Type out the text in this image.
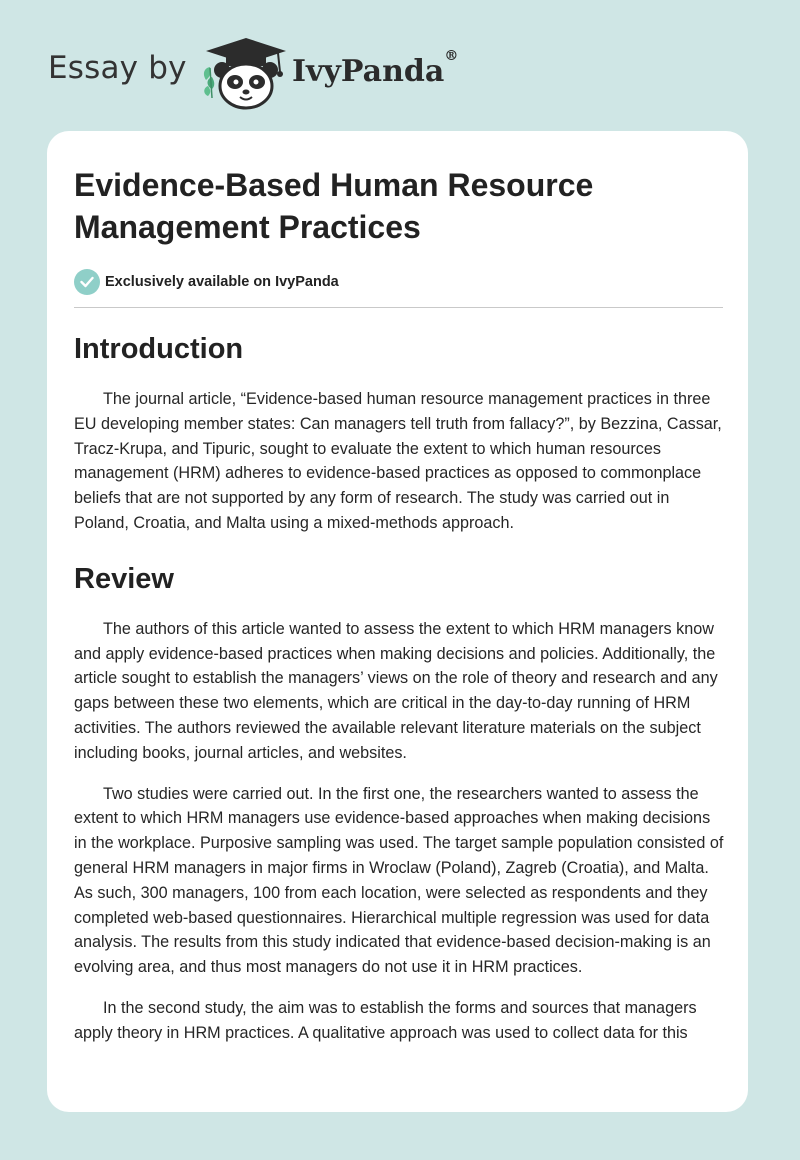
Essay by	IvyPanda®
Evidence-Based Human Resource Management Practices
Exclusively available on IvyPanda
Introduction

The journal article, “Evidence-based human resource management practices in three EU developing member states: Can managers tell truth from fallacy?”, by Bezzina, Cassar, Tracz-Krupa, and Tipuric, sought to evaluate the extent to which human resources management (HRM) adheres to evidence-based practices as opposed to commonplace beliefs that are not supported by any form of research. The study was carried out in Poland, Croatia, and Malta using a mixed-methods approach.

Review

The authors of this article wanted to assess the extent to which HRM managers know and apply evidence-based practices when making decisions and policies. Additionally, the article sought to establish the managers’ views on the role of theory and research and any gaps between these two elements, which are critical in the day-to-day running of HRM activities. The authors reviewed the available relevant literature materials on the subject including books, journal articles, and websites.

Two studies were carried out. In the first one, the researchers wanted to assess the extent to which HRM managers use evidence-based approaches when making decisions in the workplace. Purposive sampling was used. The target sample population consisted of general HRM managers in major firms in Wroclaw (Poland), Zagreb (Croatia), and Malta. As such, 300 managers, 100 from each location, were selected as respondents and they completed web-based questionnaires. Hierarchical multiple regression was used for data analysis. The results from this study indicated that evidence-based decision-making is an evolving area, and thus most managers do not use it in HRM practices.

In the second study, the aim was to establish the forms and sources that managers apply theory in HRM practices. A qualitative approach was used to collect data for this
